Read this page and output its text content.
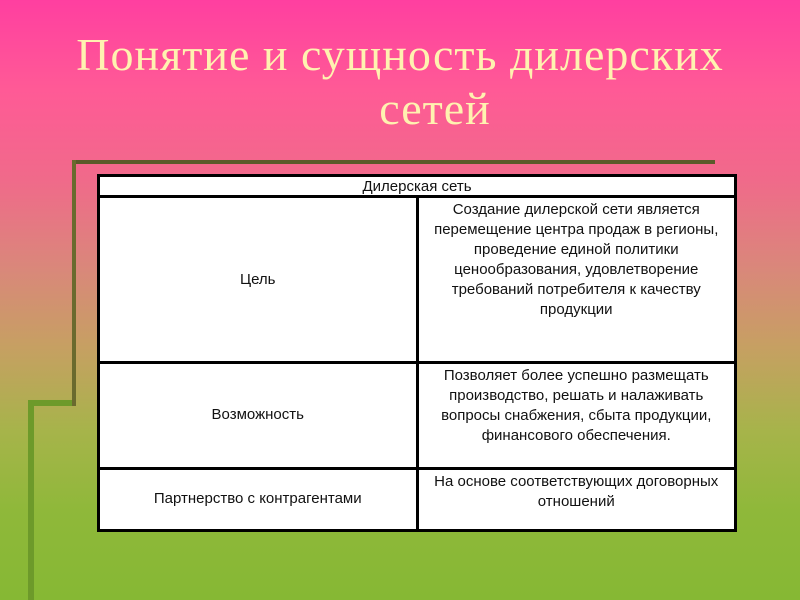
Понятие и сущность дилерских
сетей
Дилерская сеть	
Цель	Создание дилерской сети является перемещение центра продаж в регионы, проведение единой политики ценообразования, удовлетворение требований потребителя к качеству продукции

Возможность	Позволяет более успешно размещать производство, решать и налаживать вопросы снабжения, сбыта продукции, финансового обеспечения.

Партнерство с контрагентами	На основе соответствующих договорных отношений
